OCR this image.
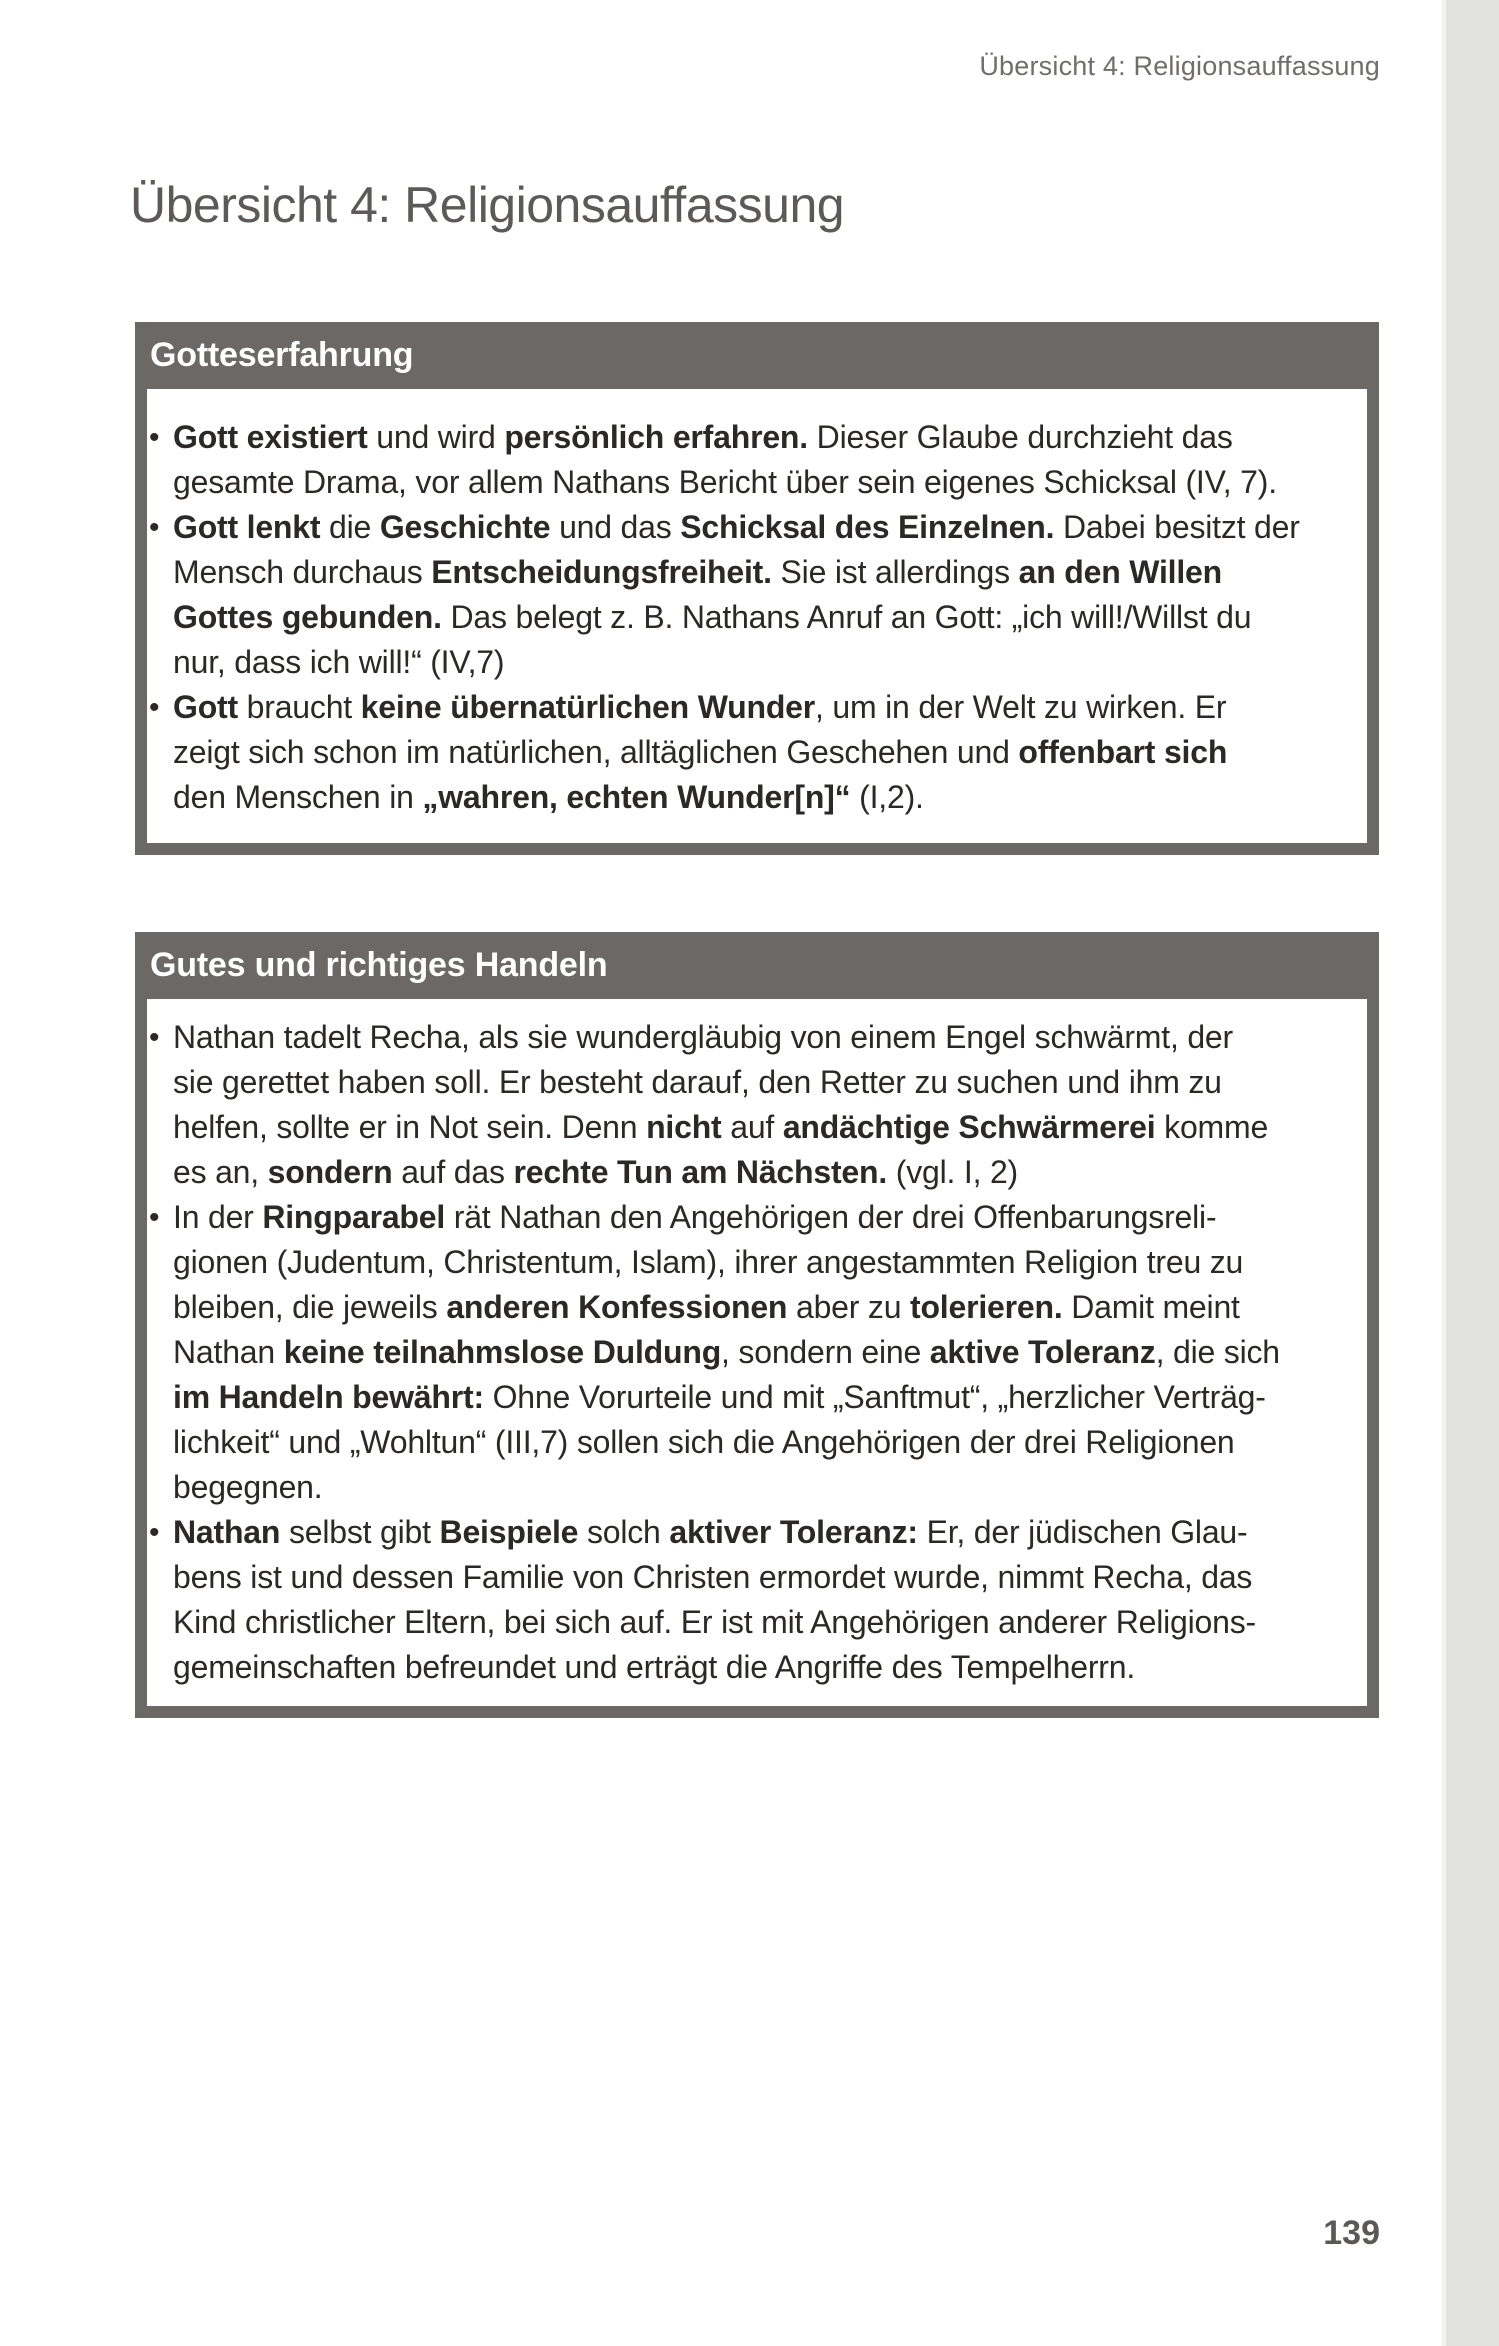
Übersicht 4: Religionsauffassung
Übersicht 4: Religionsauffassung
Gotteserfahrung
• Gott existiert und wird persönlich erfahren. Dieser Glaube durchzieht das
gesamte Drama, vor allem Nathans Bericht über sein eigenes Schicksal (IV, 7).
• Gott lenkt die Geschichte und das Schicksal des Einzelnen. Dabei besitzt der
Mensch durchaus Entscheidungsfreiheit. Sie ist allerdings an den Willen
Gottes gebunden. Das belegt z. B. Nathans Anruf an Gott: „ich will!/Willst du
nur, dass ich will!“ (IV,7)
• Gott braucht keine übernatürlichen Wunder, um in der Welt zu wirken. Er
zeigt sich schon im natürlichen, alltäglichen Geschehen und offenbart sich
den Menschen in „wahren, echten Wunder[n]“ (I,2).
Gutes und richtiges Handeln
• Nathan tadelt Recha, als sie wundergläubig von einem Engel schwärmt, der
sie gerettet haben soll. Er besteht darauf, den Retter zu suchen und ihm zu
helfen, sollte er in Not sein. Denn nicht auf andächtige Schwärmerei komme
es an, sondern auf das rechte Tun am Nächsten. (vgl. I, 2)
• In der Ringparabel rät Nathan den Angehörigen der drei Offenbarungsreli-
gionen (Judentum, Christentum, Islam), ihrer angestammten Religion treu zu
bleiben, die jeweils anderen Konfessionen aber zu tolerieren. Damit meint
Nathan keine teilnahmslose Duldung, sondern eine aktive Toleranz, die sich
im Handeln bewährt: Ohne Vorurteile und mit „Sanftmut“, „herzlicher Verträg-
lichkeit“ und „Wohltun“ (III,7) sollen sich die Angehörigen der drei Religionen
begegnen.
• Nathan selbst gibt Beispiele solch aktiver Toleranz: Er, der jüdischen Glau-
bens ist und dessen Familie von Christen ermordet wurde, nimmt Recha, das
Kind christlicher Eltern, bei sich auf. Er ist mit Angehörigen anderer Religions-
gemeinschaften befreundet und erträgt die Angriffe des Tempelherrn.
139
